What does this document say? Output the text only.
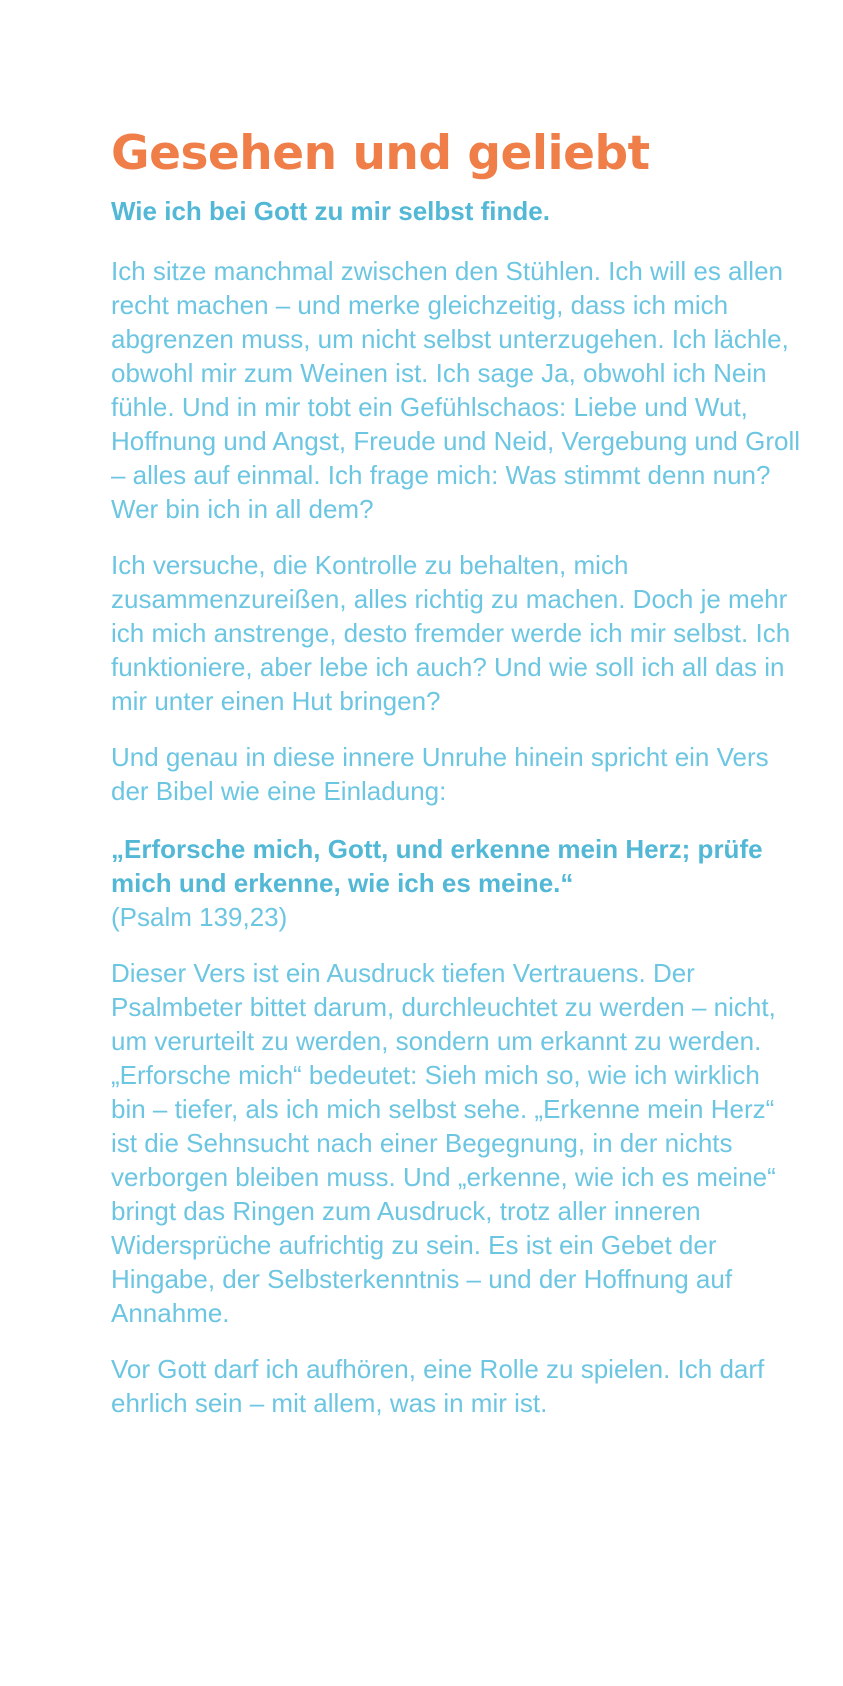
Gesehen und geliebt
Wie ich bei Gott zu mir selbst finde.

Ich sitze manchmal zwischen den Stühlen. Ich will es allen recht machen – und merke gleichzeitig, dass ich mich abgrenzen muss, um nicht selbst unterzugehen. Ich lächle, obwohl mir zum Weinen ist. Ich sage Ja, obwohl ich Nein fühle. Und in mir tobt ein Gefühlschaos: Liebe und Wut, Hoffnung und Angst, Freude und Neid, Vergebung und Groll – alles auf einmal. Ich frage mich: Was stimmt denn nun? Wer bin ich in all dem?

Ich versuche, die Kontrolle zu behalten, mich zusammenzureißen, alles richtig zu machen. Doch je mehr ich mich anstrenge, desto fremder werde ich mir selbst. Ich funktioniere, aber lebe ich auch? Und wie soll ich all das in mir unter einen Hut bringen?

Und genau in diese innere Unruhe hinein spricht ein Vers der Bibel wie eine Einladung:

„Erforsche mich, Gott, und erkenne mein Herz; prüfe mich und erkenne, wie ich es meine.“
(Psalm 139,23)

Dieser Vers ist ein Ausdruck tiefen Vertrauens. Der Psalmbeter bittet darum, durchleuchtet zu werden – nicht, um verurteilt zu werden, sondern um erkannt zu werden. „Erforsche mich“ bedeutet: Sieh mich so, wie ich wirklich bin – tiefer, als ich mich selbst sehe. „Erkenne mein Herz“ ist die Sehnsucht nach einer Begegnung, in der nichts verborgen bleiben muss. Und „erkenne, wie ich es meine“ bringt das Ringen zum Ausdruck, trotz aller inneren Widersprüche aufrichtig zu sein. Es ist ein Gebet der Hingabe, der Selbsterkenntnis – und der Hoffnung auf Annahme.

Vor Gott darf ich aufhören, eine Rolle zu spielen. Ich darf ehrlich sein – mit allem, was in mir ist.
